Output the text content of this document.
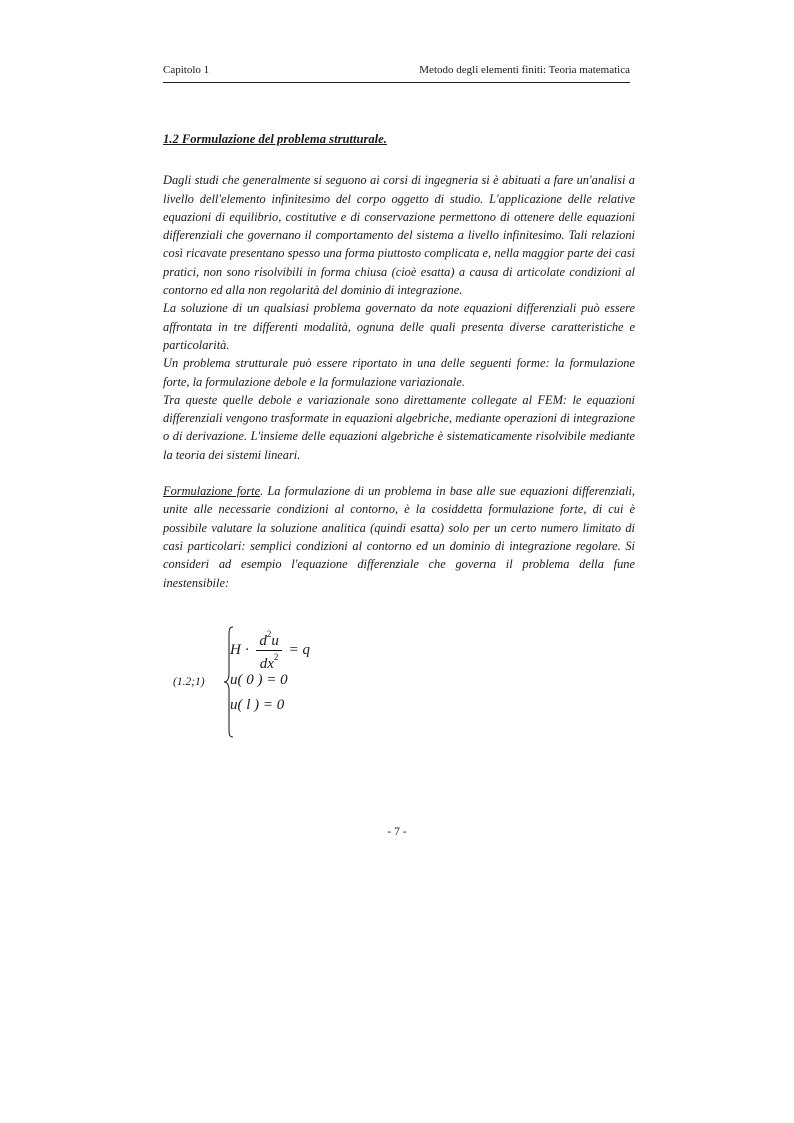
Capitolo 1	Metodo degli elementi finiti: Teoria matematica

1.2 Formulazione del problema strutturale.

Dagli studi che generalmente si seguono ai corsi di ingegneria si è abituati a fare un'analisi a livello dell'elemento infinitesimo del corpo oggetto di studio. L'applicazione delle relative equazioni di equilibrio, costitutive e di conservazione permettono di ottenere delle equazioni differenziali che governano il comportamento del sistema a livello infinitesimo. Tali relazioni così ricavate presentano spesso una forma piuttosto complicata e, nella maggior parte dei casi pratici, non sono risolvibili in forma chiusa (cioè esatta) a causa di articolate condizioni al contorno ed alla non regolarità del dominio di integrazione.

La soluzione di un qualsiasi problema governato da note equazioni differenziali può essere affrontata in tre differenti modalità, ognuna delle quali presenta diverse caratteristiche e particolarità.

Un problema strutturale può essere riportato in una delle seguenti forme: la formulazione forte, la formulazione debole e la formulazione variazionale.

Tra queste quelle debole e variazionale sono direttamente collegate al FEM: le equazioni differenziali vengono trasformate in equazioni algebriche, mediante operazioni di integrazione o di derivazione. L'insieme delle equazioni algebriche è sistematicamente risolvibile mediante la teoria dei sistemi lineari.

Formulazione forte. La formulazione di un problema in base alle sue equazioni differenziali, unite alle necessarie condizioni al contorno, è la cosiddetta formulazione forte, di cui è possibile valutare la soluzione analitica (quindi esatta) solo per un certo numero limitato di casi particolari: semplici condizioni al contorno ed un dominio di integrazione regolare. Si consideri ad esempio l'equazione differenziale che governa il problema della fune inestensibile:

(1.2;1)
$H \cdot \frac{d^2u}{dx^2} = q$
u( 0 ) = 0
u( l ) = 0
- 7 -
